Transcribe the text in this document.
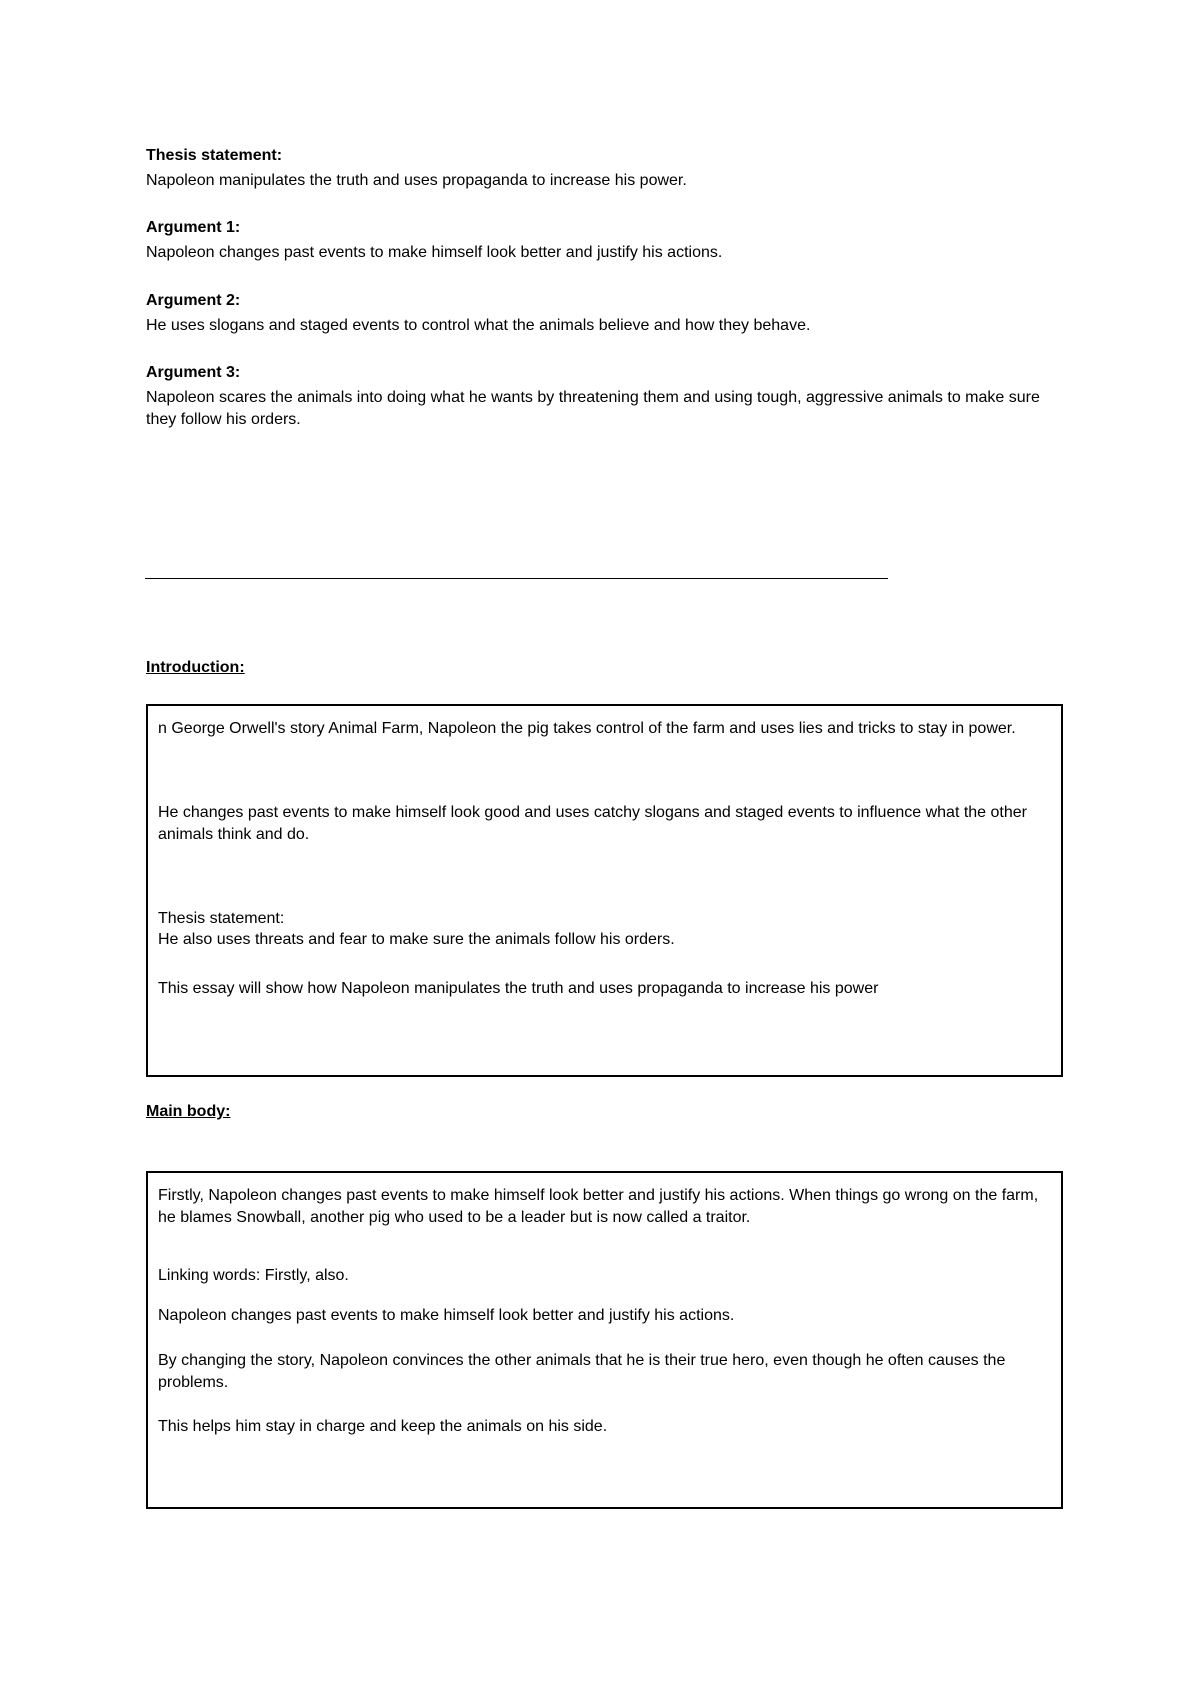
Thesis statement:
Napoleon manipulates the truth and uses propaganda to increase his power.
Argument 1:
Napoleon changes past events to make himself look better and justify his actions.
Argument 2:
He uses slogans and staged events to control what the animals believe and how they behave.
Argument 3:
Napoleon scares the animals into doing what he wants by threatening them and using tough, aggressive animals to make sure they follow his orders.
Introduction:

n George Orwell's story Animal Farm, Napoleon the pig takes control of the farm and uses lies and tricks to stay in power.

He changes past events to make himself look good and uses catchy slogans and staged events to influence what the other animals think and do.

Thesis statement:

He also uses threats and fear to make sure the animals follow his orders.

This essay will show how Napoleon manipulates the truth and uses propaganda to increase his power

Main body:

Firstly, Napoleon changes past events to make himself look better and justify his actions. When things go wrong on the farm, he blames Snowball, another pig who used to be a leader but is now called a traitor.

Linking words: Firstly, also.

Napoleon changes past events to make himself look better and justify his actions.

By changing the story, Napoleon convinces the other animals that he is their true hero, even though he often causes the problems.

This helps him stay in charge and keep the animals on his side.
